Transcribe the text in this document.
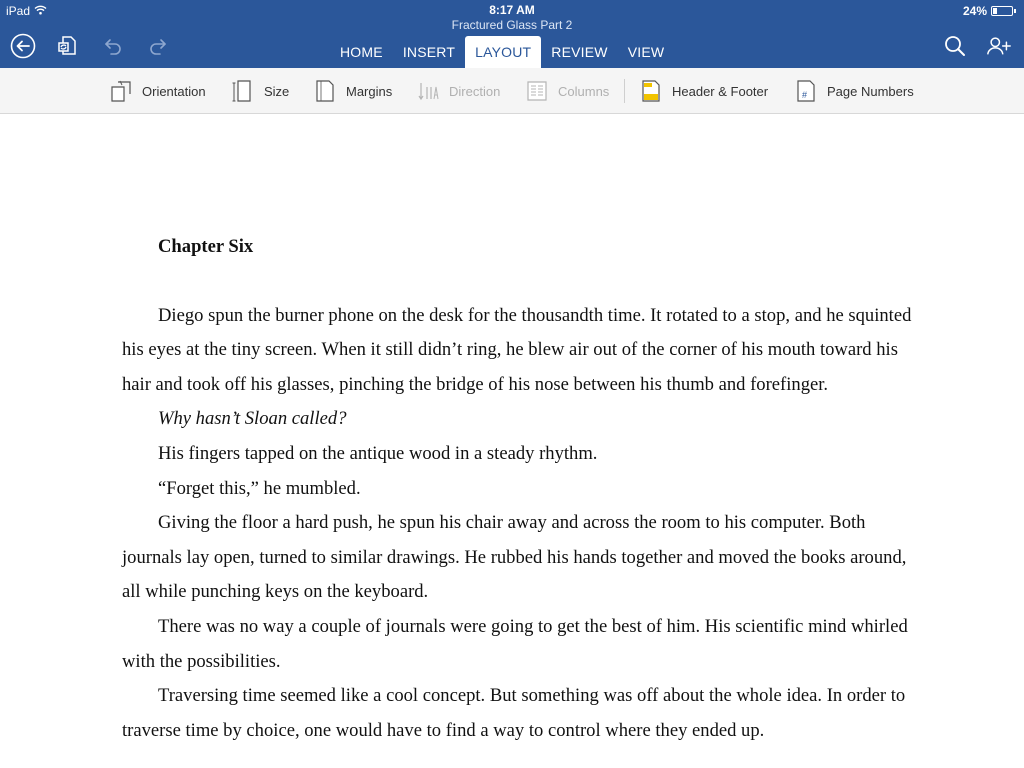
iPad	8:17 AM	24%
Fractured Glass Part 2
HOME	INSERT	LAYOUT	REVIEW	VIEW
Orientation	Size	Margins	Direction	Columns	Header & Footer	# Page Numbers
Chapter Six
Diego spun the burner phone on the desk for the thousandth time. It rotated to a stop, and he squinted his eyes at the tiny screen. When it still didn’t ring, he blew air out of the corner of his mouth toward his hair and took off his glasses, pinching the bridge of his nose between his thumb and forefinger.
Why hasn’t Sloan called?
His fingers tapped on the antique wood in a steady rhythm.
“Forget this,” he mumbled.
Giving the floor a hard push, he spun his chair away and across the room to his computer. Both journals lay open, turned to similar drawings. He rubbed his hands together and moved the books around, all while punching keys on the keyboard.
There was no way a couple of journals were going to get the best of him. His scientific mind whirled with the possibilities.
Traversing time seemed like a cool concept. But something was off about the whole idea. In order to traverse time by choice, one would have to find a way to control where they ended up.
